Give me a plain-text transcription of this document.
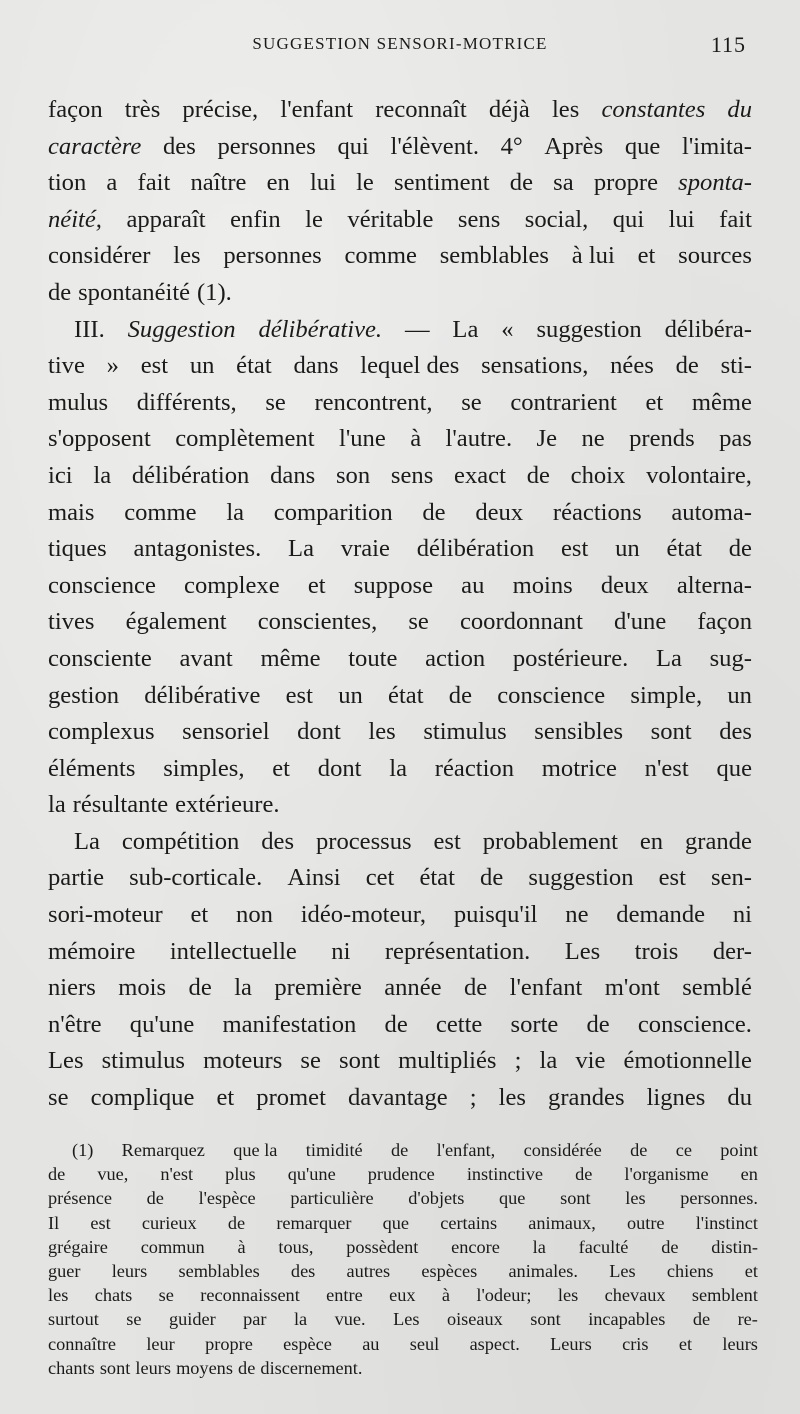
SUGGESTION SENSORI-MOTRICE	115
façon très précise, l'enfant reconnaît déjà les constantes du
caractère des personnes qui l'élèvent. 4° Après que l'imita-
tion a fait naître en lui le sentiment de sa propre sponta-
néité, apparaît enfin le véritable sens social, qui lui fait
considérer les personnes comme semblables à lui et sources
de spontanéité (1).
III. Suggestion délibérative. — La « suggestion délibéra-
tive » est un état dans lequel des sensations, nées de sti-
mulus différents, se rencontrent, se contrarient et même
s'opposent complètement l'une à l'autre. Je ne prends pas
ici la délibération dans son sens exact de choix volontaire,
mais comme la comparition de deux réactions automa-
tiques antagonistes. La vraie délibération est un état de
conscience complexe et suppose au moins deux alterna-
tives également conscientes, se coordonnant d'une façon
consciente avant même toute action postérieure. La sug-
gestion délibérative est un état de conscience simple, un
complexus sensoriel dont les stimulus sensibles sont des
éléments simples, et dont la réaction motrice n'est que
la résultante extérieure.
La compétition des processus est probablement en grande
partie sub-corticale. Ainsi cet état de suggestion est sen-
sori-moteur et non idéo-moteur, puisqu'il ne demande ni
mémoire intellectuelle ni représentation. Les trois der-
niers mois de la première année de l'enfant m'ont semblé
n'être qu'une manifestation de cette sorte de conscience.
Les stimulus moteurs se sont multipliés ; la vie émotionnelle
se complique et promet davantage ; les grandes lignes du
(1) Remarquez que la timidité de l'enfant, considérée de ce point
de vue, n'est plus qu'une prudence instinctive de l'organisme en
présence de l'espèce particulière d'objets que sont les personnes.
Il est curieux de remarquer que certains animaux, outre l'instinct
grégaire commun à tous, possèdent encore la faculté de distin-
guer leurs semblables des autres espèces animales. Les chiens et
les chats se reconnaissent entre eux à l'odeur; les chevaux semblent
surtout se guider par la vue. Les oiseaux sont incapables de re-
connaître leur propre espèce au seul aspect. Leurs cris et leurs
chants sont leurs moyens de discernement.
